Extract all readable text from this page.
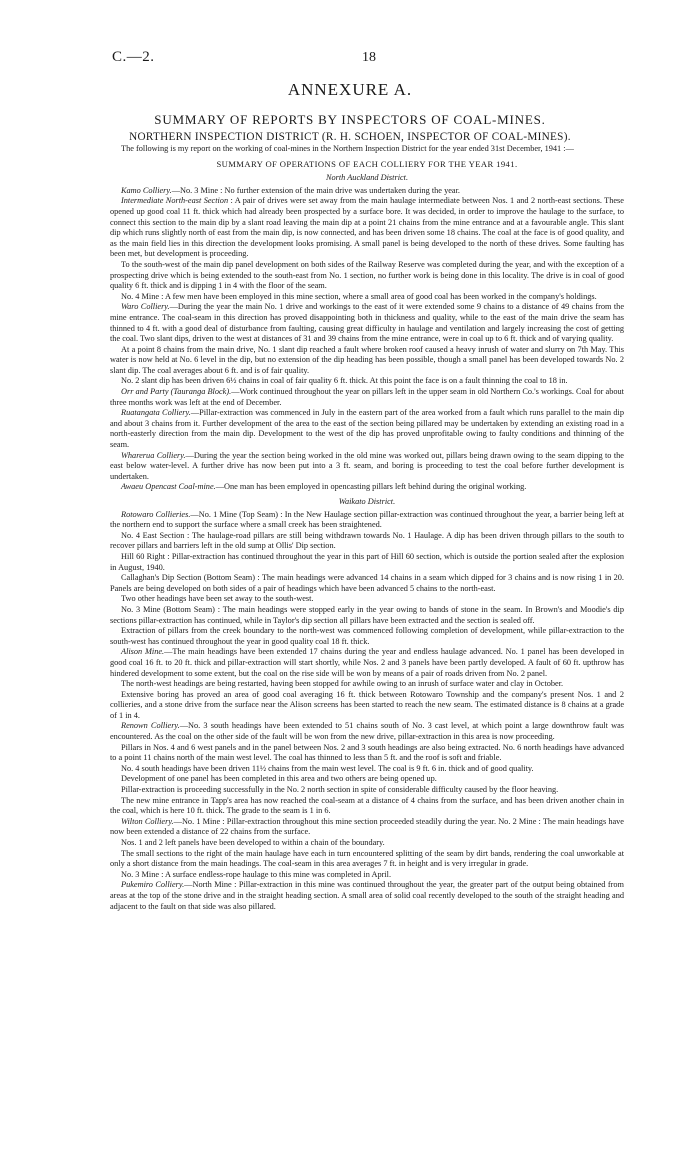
C.—2.	18
ANNEXURE A.
SUMMARY OF REPORTS BY INSPECTORS OF COAL-MINES.
NORTHERN INSPECTION DISTRICT (R. H. SCHOEN, INSPECTOR OF COAL-MINES).

The following is my report on the working of coal-mines in the Northern Inspection District for the year ended 31st December, 1941 :—

SUMMARY OF OPERATIONS OF EACH COLLIERY FOR THE YEAR 1941.
North Auckland District.

Kamo Colliery.—No. 3 Mine : No further extension of the main drive was undertaken during the year.

Intermediate North-east Section : A pair of drives were set away from the main haulage intermediate between Nos. 1 and 2 north-east sections. These opened up good coal 11 ft. thick which had already been prospected by a surface bore. It was decided, in order to improve the haulage to the surface, to connect this section to the main dip by a slant road leaving the main dip at a point 21 chains from the mine entrance and at a favourable angle. This slant dip which runs slightly north of east from the main dip, is now connected, and has been driven some 18 chains. The coal at the face is of good quality, and as the main field lies in this direction the development looks promising. A small panel is being developed to the north of these drives. Some faulting has been met, but development is proceeding.

To the south-west of the main dip panel development on both sides of the Railway Reserve was completed during the year, and with the exception of a prospecting drive which is being extended to the south-east from No. 1 section, no further work is being done in this locality. The drive is in coal of good quality 6 ft. thick and is dipping 1 in 4 with the floor of the seam.

No. 4 Mine : A few men have been employed in this mine section, where a small area of good coal has been worked in the company's holdings.

Waro Colliery.—During the year the main No. 1 drive and workings to the east of it were extended some 9 chains to a distance of 49 chains from the mine entrance. The coal-seam in this direction has proved disappointing both in thickness and quality, while to the east of the main drive the seam has thinned to 4 ft. with a good deal of disturbance from faulting, causing great difficulty in haulage and ventilation and largely increasing the cost of getting the coal. Two slant dips, driven to the west at distances of 31 and 39 chains from the mine entrance, were in coal up to 6 ft. thick and of varying quality.

At a point 8 chains from the main drive, No. 1 slant dip reached a fault where broken roof caused a heavy inrush of water and slurry on 7th May. This water is now held at No. 6 level in the dip, but no extension of the dip heading has been possible, though a small panel has been developed towards No. 2 slant dip. The coal averages about 6 ft. and is of fair quality.

No. 2 slant dip has been driven 6½ chains in coal of fair quality 6 ft. thick. At this point the face is on a fault thinning the coal to 18 in.

Orr and Party (Tauranga Block).—Work continued throughout the year on pillars left in the upper seam in old Northern Co.'s workings. Coal for about three months work was left at the end of December.

Ruatangata Colliery.—Pillar-extraction was commenced in July in the eastern part of the area worked from a fault which runs parallel to the main dip and about 3 chains from it. Further development of the area to the east of the section being pillared may be undertaken by extending an existing road in a north-easterly direction from the main dip. Development to the west of the dip has proved unprofitable owing to faulty conditions and thinning of the seam.

Wharerua Colliery.—During the year the section being worked in the old mine was worked out, pillars being drawn owing to the seam dipping to the east below water-level. A further drive has now been put into a 3 ft. seam, and boring is proceeding to test the coal before further development is undertaken.

Awaeu Opencast Coal-mine.—One man has been employed in opencasting pillars left behind during the original working.

Waikato District.

Rotowaro Collieries.—No. 1 Mine (Top Seam) : In the New Haulage section pillar-extraction was continued throughout the year, a barrier being left at the northern end to support the surface where a small creek has been straightened.

No. 4 East Section : The haulage-road pillars are still being withdrawn towards No. 1 Haulage. A dip has been driven through pillars to the south to recover pillars and barriers left in the old sump at Ollis' Dip section.

Hill 60 Right : Pillar-extraction has continued throughout the year in this part of Hill 60 section, which is outside the portion sealed after the explosion in August, 1940.

Callaghan's Dip Section (Bottom Seam) : The main headings were advanced 14 chains in a seam which dipped for 3 chains and is now rising 1 in 20. Panels are being developed on both sides of a pair of headings which have been advanced 5 chains to the north-east.

Two other headings have been set away to the south-west.

No. 3 Mine (Bottom Seam) : The main headings were stopped early in the year owing to bands of stone in the seam. In Brown's and Moodie's dip sections pillar-extraction has continued, while in Taylor's dip section all pillars have been extracted and the section is sealed off.

Extraction of pillars from the creek boundary to the north-west was commenced following completion of development, while pillar-extraction to the south-west has continued throughout the year in good quality coal 18 ft. thick.

Alison Mine.—The main headings have been extended 17 chains during the year and endless haulage advanced. No. 1 panel has been developed in good coal 16 ft. to 20 ft. thick and pillar-extraction will start shortly, while Nos. 2 and 3 panels have been partly developed. A fault of 60 ft. upthrow has hindered development to some extent, but the coal on the rise side will be won by means of a pair of roads driven from No. 2 panel.

The north-west headings are being restarted, having been stopped for awhile owing to an inrush of surface water and clay in October.

Extensive boring has proved an area of good coal averaging 16 ft. thick between Rotowaro Township and the company's present Nos. 1 and 2 collieries, and a stone drive from the surface near the Alison screens has been started to reach the new seam. The estimated distance is 8 chains at a grade of 1 in 4.

Renown Colliery.—No. 3 south headings have been extended to 51 chains south of No. 3 cast level, at which point a large downthrow fault was encountered. As the coal on the other side of the fault will be won from the new drive, pillar-extraction in this area is now proceeding.

Pillars in Nos. 4 and 6 west panels and in the panel between Nos. 2 and 3 south headings are also being extracted. No. 6 north headings have advanced to a point 11 chains north of the main west level. The coal has thinned to less than 5 ft. and the roof is soft and friable.

No. 4 south headings have been driven 11½ chains from the main west level. The coal is 9 ft. 6 in. thick and of good quality.

Development of one panel has been completed in this area and two others are being opened up.

Pillar-extraction is proceeding successfully in the No. 2 north section in spite of considerable difficulty caused by the floor heaving.

The new mine entrance in Tapp's area has now reached the coal-seam at a distance of 4 chains from the surface, and has been driven another chain in the coal, which is here 10 ft. thick. The grade to the seam is 1 in 6.

Wilton Colliery.—No. 1 Mine : Pillar-extraction throughout this mine section proceeded steadily during the year. No. 2 Mine : The main headings have now been extended a distance of 22 chains from the surface.

Nos. 1 and 2 left panels have been developed to within a chain of the boundary.

The small sections to the right of the main haulage have each in turn encountered splitting of the seam by dirt bands, rendering the coal unworkable at only a short distance from the main headings. The coal-seam in this area averages 7 ft. in height and is very irregular in grade.

No. 3 Mine : A surface endless-rope haulage to this mine was completed in April.

Pukemiro Colliery.—North Mine : Pillar-extraction in this mine was continued throughout the year, the greater part of the output being obtained from areas at the top of the stone drive and in the straight heading section. A small area of solid coal recently developed to the south of the straight heading and adjacent to the fault on that side was also pillared.
